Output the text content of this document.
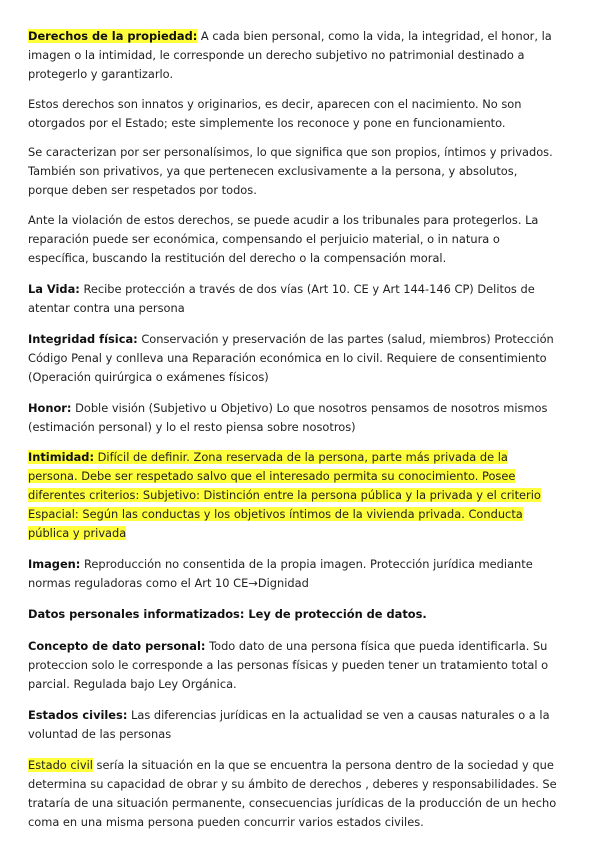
Derechos de la propiedad: A cada bien personal, como la vida, la integridad, el honor, la imagen o la intimidad, le corresponde un derecho subjetivo no patrimonial destinado a protegerlo y garantizarlo.

Estos derechos son innatos y originarios, es decir, aparecen con el nacimiento. No son otorgados por el Estado; este simplemente los reconoce y pone en funcionamiento.

Se caracterizan por ser personalísimos, lo que significa que son propios, íntimos y privados. También son privativos, ya que pertenecen exclusivamente a la persona, y absolutos, porque deben ser respetados por todos.

Ante la violación de estos derechos, se puede acudir a los tribunales para protegerlos. La reparación puede ser económica, compensando el perjuicio material, o in natura o específica, buscando la restitución del derecho o la compensación moral.

La Vida: Recibe protección a través de dos vías (Art 10. CE y Art 144-146 CP) Delitos de atentar contra una persona

Integridad física: Conservación y preservación de las partes (salud, miembros) Protección Código Penal y conlleva una Reparación económica en lo civil. Requiere de consentimiento (Operación quirúrgica o exámenes físicos)

Honor: Doble visión (Subjetivo u Objetivo) Lo que nosotros pensamos de nosotros mismos (estimación personal) y lo el resto piensa sobre nosotros)

Intimidad: Difícil de definir. Zona reservada de la persona, parte más privada de la persona. Debe ser respetado salvo que el interesado permita su conocimiento. Posee diferentes criterios: Subjetivo: Distinción entre la persona pública y la privada y el criterio Espacial: Según las conductas y los objetivos íntimos de la vivienda privada. Conducta pública y privada

Imagen: Reproducción no consentida de la propia imagen. Protección jurídica mediante normas reguladoras como el Art 10 CE→Dignidad

Datos personales informatizados: Ley de protección de datos.

Concepto de dato personal: Todo dato de una persona física que pueda identificarla. Su proteccion solo le corresponde a las personas físicas y pueden tener un tratamiento total o parcial. Regulada bajo Ley Orgánica.

Estados civiles: Las diferencias jurídicas en la actualidad se ven a causas naturales o a la voluntad de las personas

Estado civil sería la situación en la que se encuentra la persona dentro de la sociedad y que determina su capacidad de obrar y su ámbito de derechos , deberes y responsabilidades. Se trataría de una situación permanente, consecuencias jurídicas de la producción de un hecho coma en una misma persona pueden concurrir varios estados civiles.
